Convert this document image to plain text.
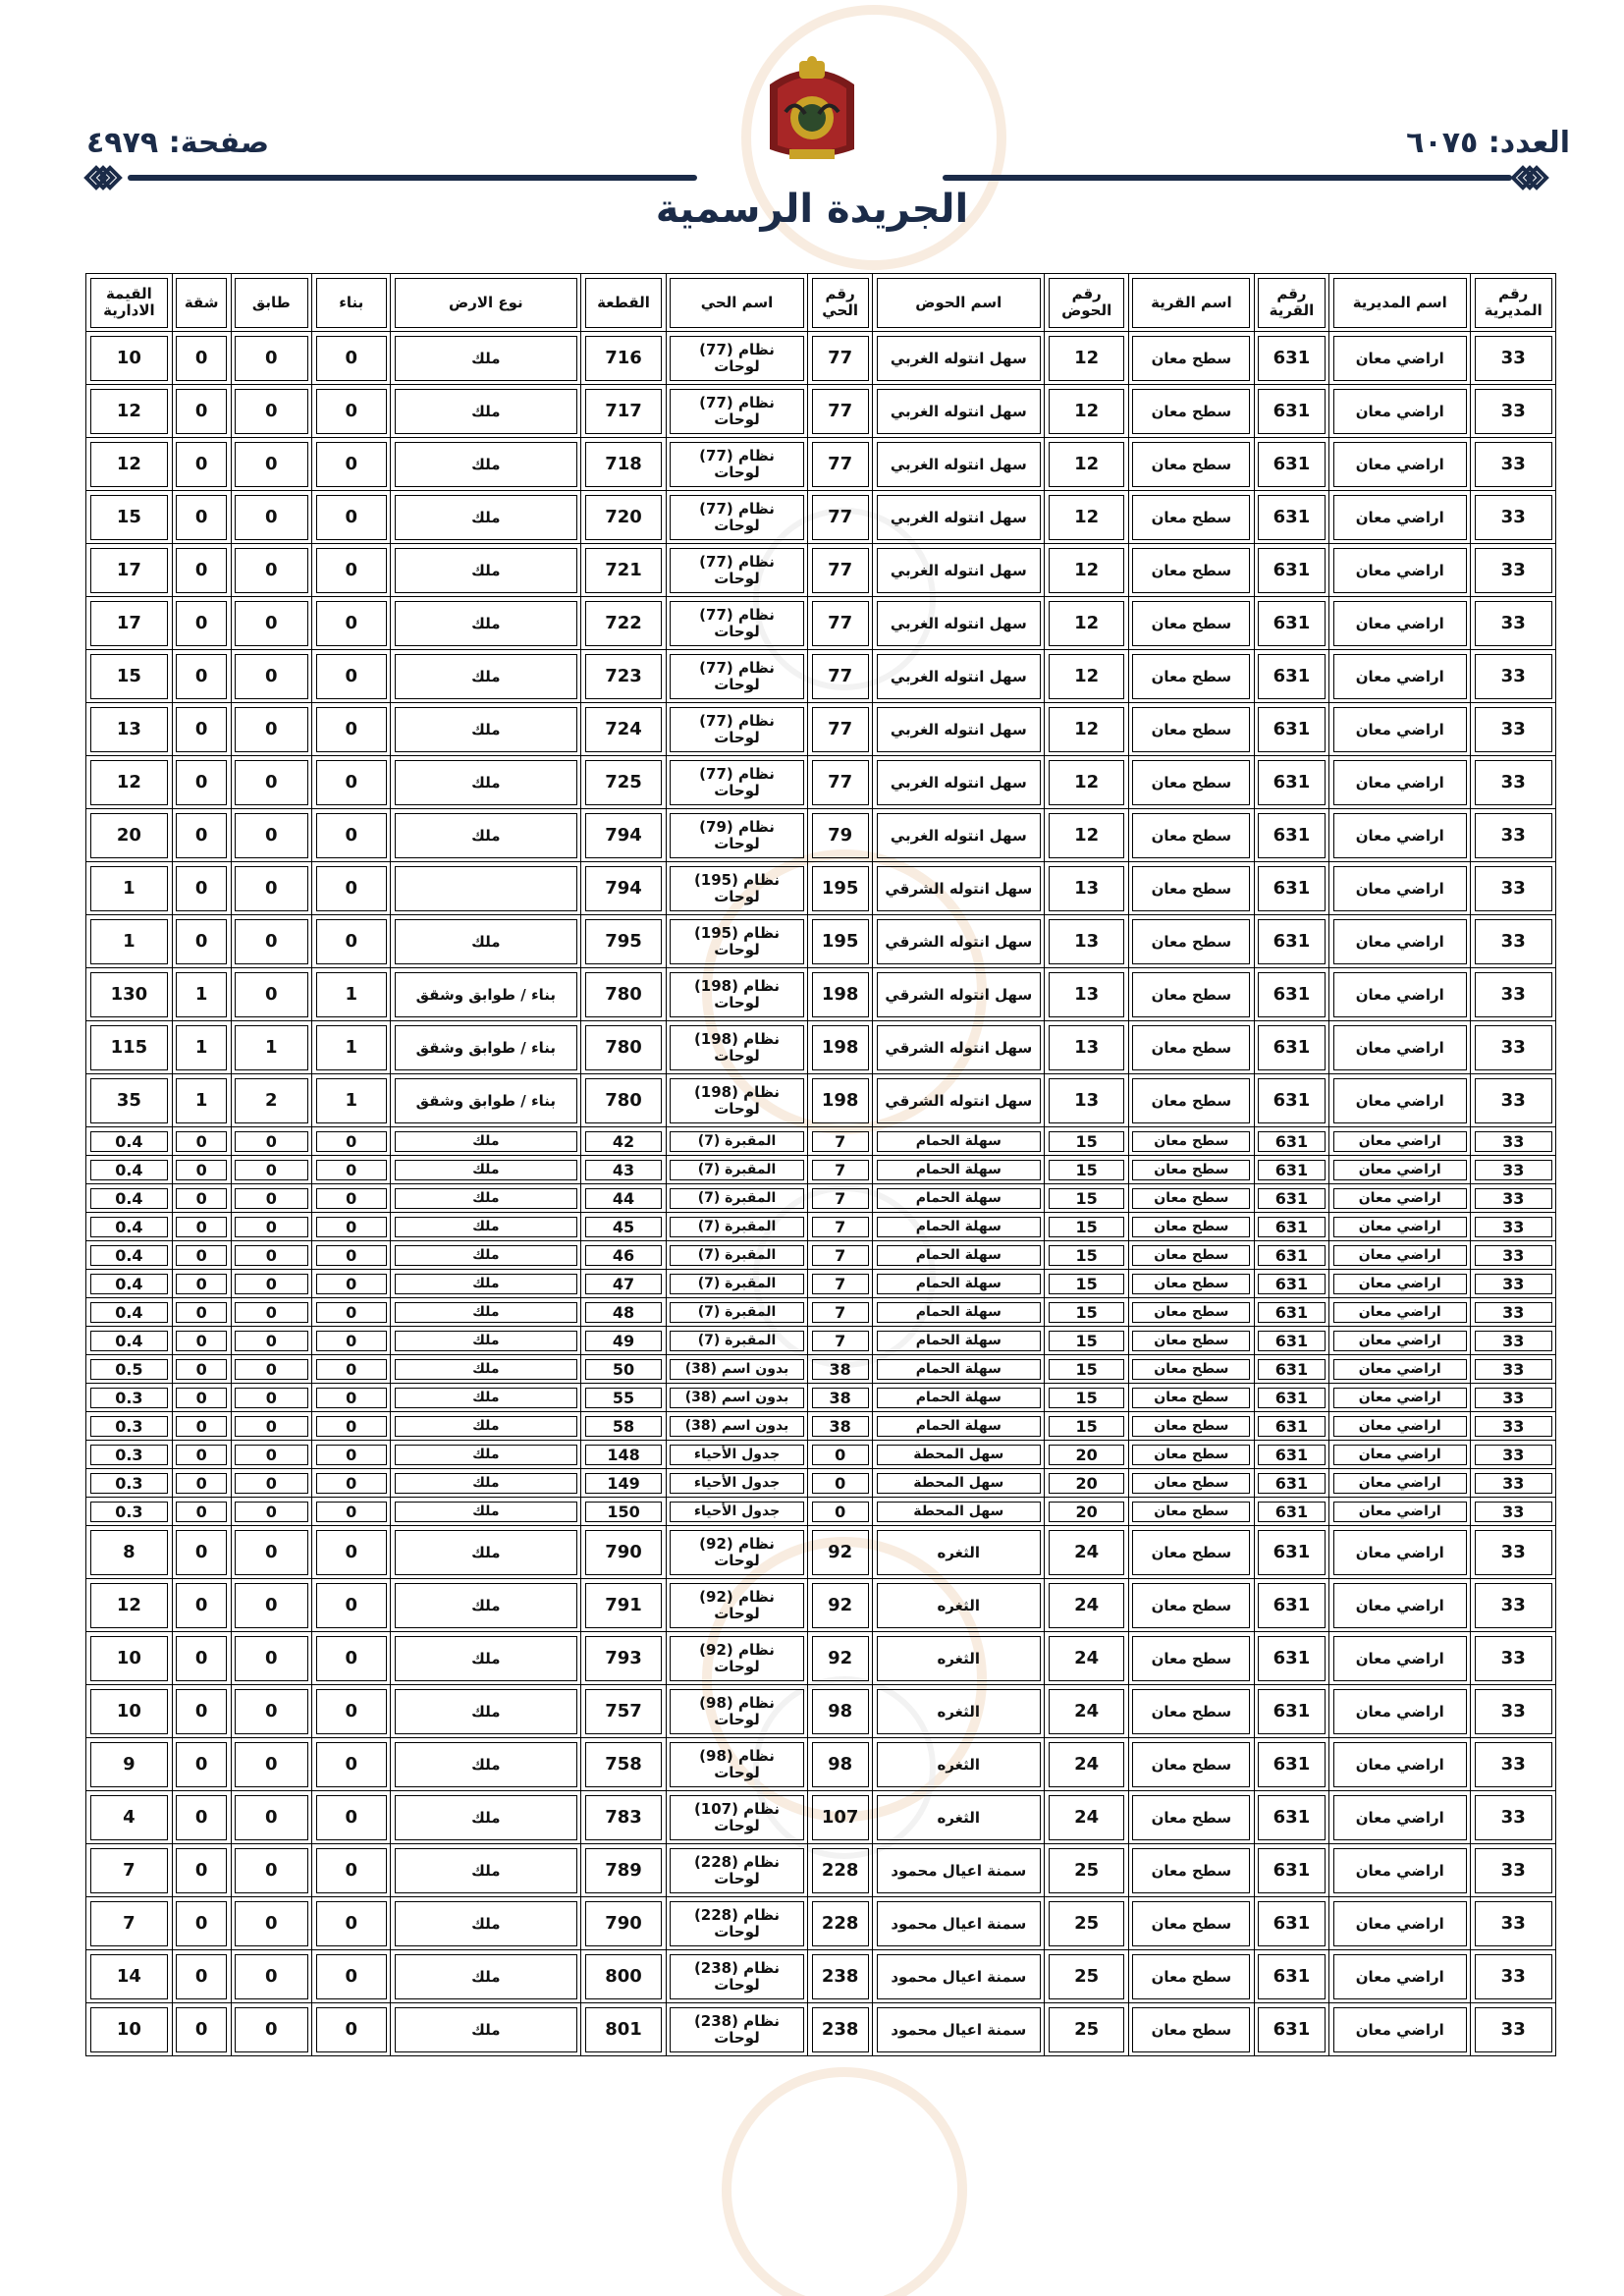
العدد: ٦٠٧٥
صفحة: ٤٩٧٩
الجريدة الرسمية
رقم المديرية	اسم المديرية	رقم القرية	اسم القرية	رقم الحوض	اسم الحوض	رقم الحي	اسم الحي	القطعة	نوع الارض	بناء	طابق	شقة	القيمة الادارية
33	اراضي معان	631	سطح معان	12	سهل انتوله الغربي	77	نظام (77)
لوحات	716	ملك	0	0	0	10
33	اراضي معان	631	سطح معان	12	سهل انتوله الغربي	77	نظام (77)
لوحات	717	ملك	0	0	0	12
33	اراضي معان	631	سطح معان	12	سهل انتوله الغربي	77	نظام (77)
لوحات	718	ملك	0	0	0	12
33	اراضي معان	631	سطح معان	12	سهل انتوله الغربي	77	نظام (77)
لوحات	720	ملك	0	0	0	15
33	اراضي معان	631	سطح معان	12	سهل انتوله الغربي	77	نظام (77)
لوحات	721	ملك	0	0	0	17
33	اراضي معان	631	سطح معان	12	سهل انتوله الغربي	77	نظام (77)
لوحات	722	ملك	0	0	0	17
33	اراضي معان	631	سطح معان	12	سهل انتوله الغربي	77	نظام (77)
لوحات	723	ملك	0	0	0	15
33	اراضي معان	631	سطح معان	12	سهل انتوله الغربي	77	نظام (77)
لوحات	724	ملك	0	0	0	13
33	اراضي معان	631	سطح معان	12	سهل انتوله الغربي	77	نظام (77)
لوحات	725	ملك	0	0	0	12
33	اراضي معان	631	سطح معان	12	سهل انتوله الغربي	79	نظام (79)
لوحات	794	ملك	0	0	0	20
33	اراضي معان	631	سطح معان	13	سهل انتوله الشرقي	195	نظام (195)
لوحات	794		0	0	0	1
33	اراضي معان	631	سطح معان	13	سهل انتوله الشرقي	195	نظام (195)
لوحات	795	ملك	0	0	0	1
33	اراضي معان	631	سطح معان	13	سهل انتوله الشرقي	198	نظام (198)
لوحات	780	بناء / طوابق وشقق	1	0	1	130
33	اراضي معان	631	سطح معان	13	سهل انتوله الشرقي	198	نظام (198)
لوحات	780	بناء / طوابق وشقق	1	1	1	115
33	اراضي معان	631	سطح معان	13	سهل انتوله الشرقي	198	نظام (198)
لوحات	780	بناء / طوابق وشقق	1	2	1	35
33	اراضي معان	631	سطح معان	15	سهلة الحمام	7	المقبرة (7)	42	ملك	0	0	0	0.4
33	اراضي معان	631	سطح معان	15	سهلة الحمام	7	المقبرة (7)	43	ملك	0	0	0	0.4
33	اراضي معان	631	سطح معان	15	سهلة الحمام	7	المقبرة (7)	44	ملك	0	0	0	0.4
33	اراضي معان	631	سطح معان	15	سهلة الحمام	7	المقبرة (7)	45	ملك	0	0	0	0.4
33	اراضي معان	631	سطح معان	15	سهلة الحمام	7	المقبرة (7)	46	ملك	0	0	0	0.4
33	اراضي معان	631	سطح معان	15	سهلة الحمام	7	المقبرة (7)	47	ملك	0	0	0	0.4
33	اراضي معان	631	سطح معان	15	سهلة الحمام	7	المقبرة (7)	48	ملك	0	0	0	0.4
33	اراضي معان	631	سطح معان	15	سهلة الحمام	7	المقبرة (7)	49	ملك	0	0	0	0.4
33	اراضي معان	631	سطح معان	15	سهلة الحمام	38	بدون اسم (38)	50	ملك	0	0	0	0.5
33	اراضي معان	631	سطح معان	15	سهلة الحمام	38	بدون اسم (38)	55	ملك	0	0	0	0.3
33	اراضي معان	631	سطح معان	15	سهلة الحمام	38	بدون اسم (38)	58	ملك	0	0	0	0.3
33	اراضي معان	631	سطح معان	20	سهل المحطة	0	جدول الأحياء	148	ملك	0	0	0	0.3
33	اراضي معان	631	سطح معان	20	سهل المحطة	0	جدول الأحياء	149	ملك	0	0	0	0.3
33	اراضي معان	631	سطح معان	20	سهل المحطة	0	جدول الأحياء	150	ملك	0	0	0	0.3
33	اراضي معان	631	سطح معان	24	الثغره	92	نظام (92)
لوحات	790	ملك	0	0	0	8
33	اراضي معان	631	سطح معان	24	الثغره	92	نظام (92)
لوحات	791	ملك	0	0	0	12
33	اراضي معان	631	سطح معان	24	الثغره	92	نظام (92)
لوحات	793	ملك	0	0	0	10
33	اراضي معان	631	سطح معان	24	الثغره	98	نظام (98)
لوحات	757	ملك	0	0	0	10
33	اراضي معان	631	سطح معان	24	الثغره	98	نظام (98)
لوحات	758	ملك	0	0	0	9
33	اراضي معان	631	سطح معان	24	الثغره	107	نظام (107)
لوحات	783	ملك	0	0	0	4
33	اراضي معان	631	سطح معان	25	سمنة اعيال محمود	228	نظام (228)
لوحات	789	ملك	0	0	0	7
33	اراضي معان	631	سطح معان	25	سمنة اعيال محمود	228	نظام (228)
لوحات	790	ملك	0	0	0	7
33	اراضي معان	631	سطح معان	25	سمنة اعيال محمود	238	نظام (238)
لوحات	800	ملك	0	0	0	14
33	اراضي معان	631	سطح معان	25	سمنة اعيال محمود	238	نظام (238)
لوحات	801	ملك	0	0	0	10
